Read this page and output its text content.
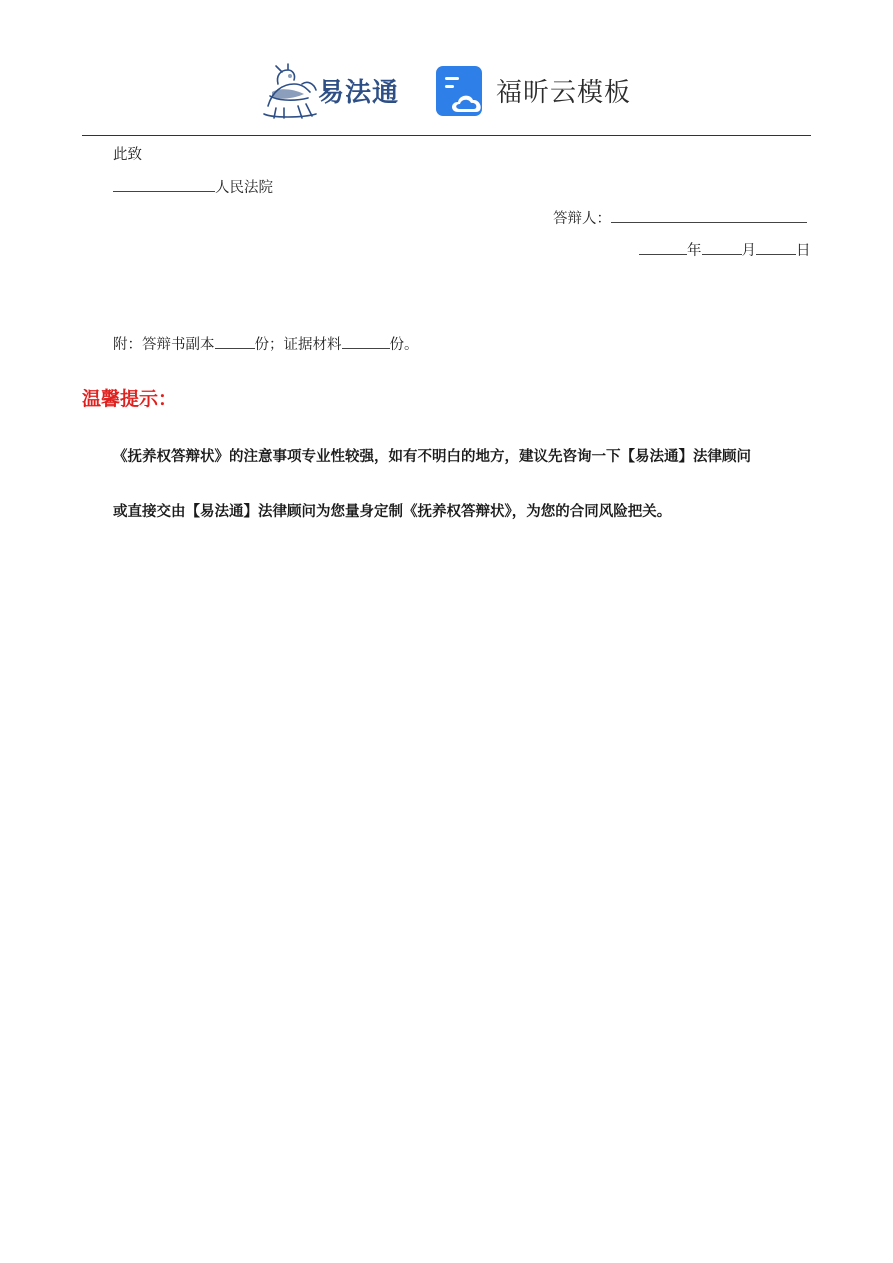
易法通	福昕云模板
此致
人民法院
答辩人：
年	月	日
附：答辩书副本	份；证据材料	份。
温馨提示：
《抚养权答辩状》的注意事项专业性较强，如有不明白的地方，建议先咨询一下【易法通】法律顾问
或直接交由【易法通】法律顾问为您量身定制《抚养权答辩状》，为您的合同风险把关。
